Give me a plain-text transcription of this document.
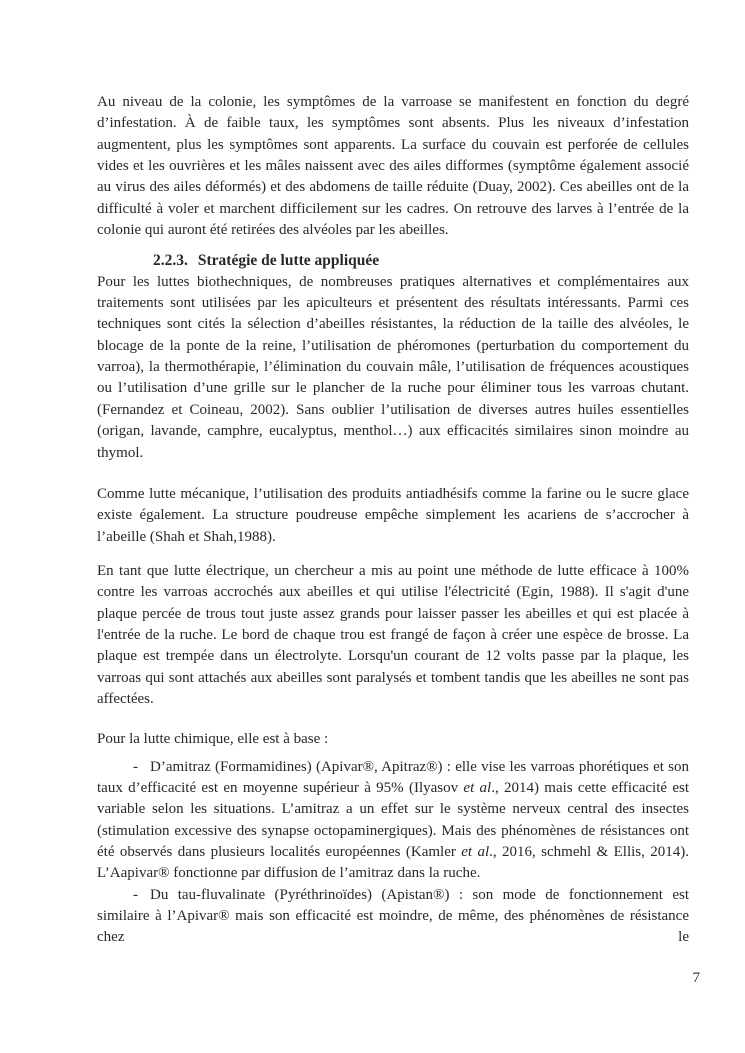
Au niveau de la colonie, les symptômes de la varroase se manifestent en fonction du degré d’infestation. À de faible taux, les symptômes sont absents. Plus les niveaux d’infestation augmentent, plus les symptômes sont apparents. La surface du couvain est perforée de cellules vides et les ouvrières et les mâles naissent avec des ailes difformes (symptôme également associé au virus des ailes déformés) et des abdomens de taille réduite (Duay, 2002). Ces abeilles ont de la difficulté à voler et marchent difficilement sur les cadres. On retrouve des larves à l’entrée de la colonie qui auront été retirées des alvéoles par les abeilles.

2.2.3. Stratégie de lutte appliquée

Pour les luttes biothechniques, de nombreuses pratiques alternatives et complémentaires aux traitements sont utilisées par les apiculteurs et présentent des résultats intéressants. Parmi ces techniques sont cités la sélection d’abeilles résistantes, la réduction de la taille des alvéoles, le blocage de la ponte de la reine, l’utilisation de phéromones (perturbation du comportement du varroa), la thermothérapie, l’élimination du couvain mâle, l’utilisation de fréquences acoustiques ou l’utilisation d’une grille sur le plancher de la ruche pour éliminer tous les varroas chutant. (Fernandez et Coineau, 2002). Sans oublier l’utilisation de diverses autres huiles essentielles (origan, lavande, camphre, eucalyptus, menthol…) aux efficacités similaires sinon moindre au thymol.

Comme lutte mécanique, l’utilisation des produits antiadhésifs comme la farine ou le sucre glace existe également. La structure poudreuse empêche simplement les acariens de s’accrocher à l’abeille (Shah et Shah,1988).

En tant que lutte électrique, un chercheur a mis au point une méthode de lutte efficace à 100% contre les varroas accrochés aux abeilles et qui utilise l'électricité (Egin, 1988). Il s'agit d'une plaque percée de trous tout juste assez grands pour laisser passer les abeilles et qui est placée à l'entrée de la ruche. Le bord de chaque trou est frangé de façon à créer une espèce de brosse. La plaque est trempée dans un électrolyte. Lorsqu'un courant de 12 volts passe par la plaque, les varroas qui sont attachés aux abeilles sont paralysés et tombent tandis que les abeilles ne sont pas affectées.

Pour la lutte chimique, elle est à base :

- D’amitraz (Formamidines) (Apivar®, Apitraz®) : elle vise les varroas phorétiques et son taux d’efficacité est en moyenne supérieur à 95% (Ilyasov et al., 2014) mais cette efficacité est variable selon les situations. L’amitraz a un effet sur le système nerveux central des insectes (stimulation excessive des synapse octopaminergiques). Mais des phénomènes de résistances ont été observés dans plusieurs localités européennes (Kamler et al., 2016, schmehl & Ellis, 2014). L’Aapivar® fonctionne par diffusion de l’amitraz dans la ruche.

- Du tau-fluvalinate (Pyréthrinoïdes) (Apistan®) : son mode de fonctionnement est similaire à l’Apivar® mais son efficacité est moindre, de même, des phénomènes de résistance chez le

7
